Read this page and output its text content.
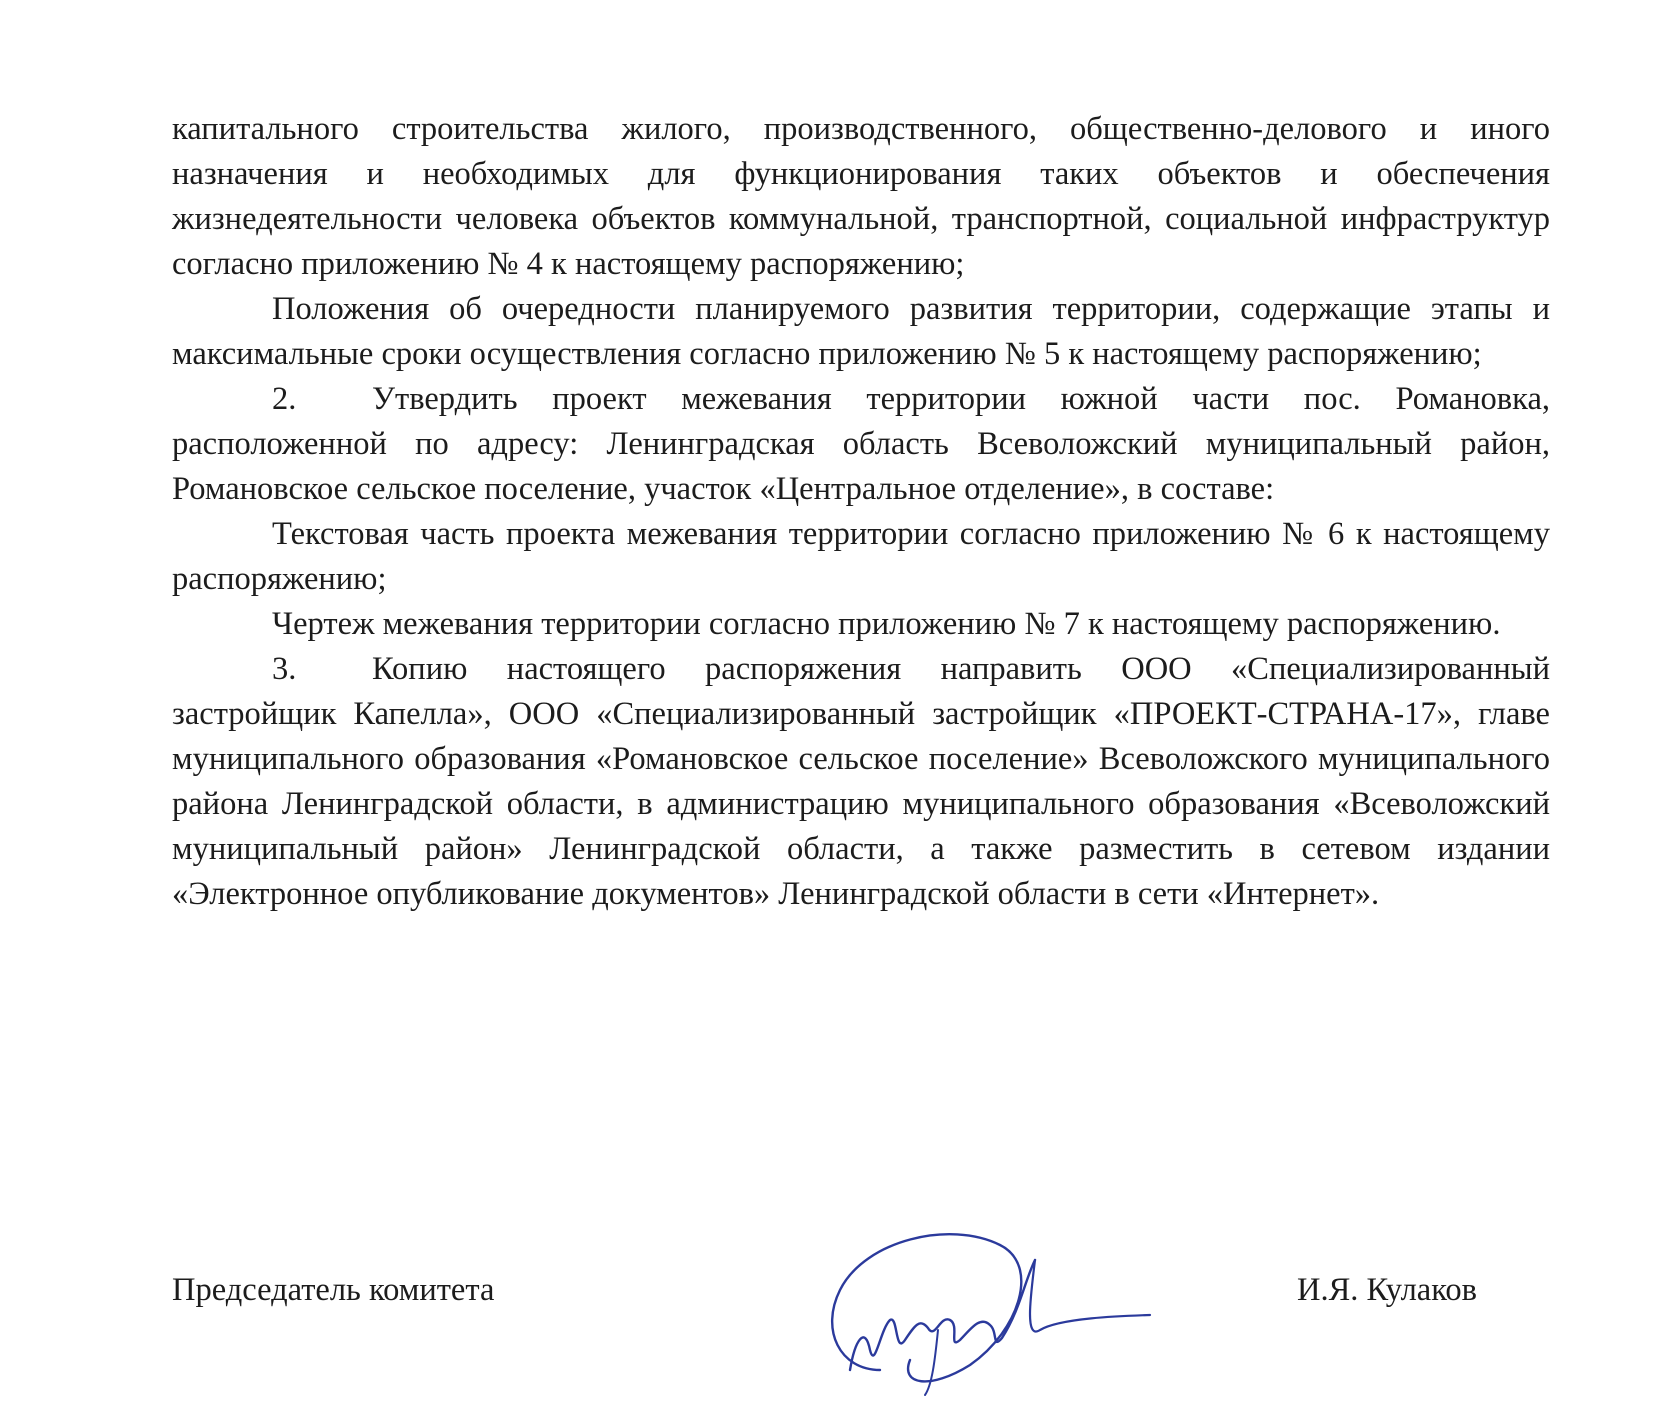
капитального строительства жилого, производственного, общественно-делового и иного назначения и необходимых для функционирования таких объектов и обеспечения жизнедеятельности человека объектов коммунальной, транспортной, социальной инфраструктур согласно приложению № 4 к настоящему распоряжению;

Положения об очередности планируемого развития территории, содержащие этапы и максимальные сроки осуществления согласно приложению № 5 к настоящему распоряжению;

2. Утвердить проект межевания территории южной части пос. Романовка, расположенной по адресу: Ленинградская область Всеволожский муниципальный район, Романовское сельское поселение, участок «Центральное отделение», в составе:

Текстовая часть проекта межевания территории согласно приложению № 6 к настоящему распоряжению;

Чертеж межевания территории согласно приложению № 7 к настоящему распоряжению.

3. Копию настоящего распоряжения направить ООО «Специализированный застройщик Капелла», ООО «Специализированный застройщик «ПРОЕКТ-СТРАНА-17», главе муниципального образования «Романовское сельское поселение» Всеволожского муниципального района Ленинградской области, в администрацию муниципального образования «Всеволожский муниципальный район» Ленинградской области, а также разместить в сетевом издании «Электронное опубликование документов» Ленинградской области в сети «Интернет».

Председатель комитета	И.Я. Кулаков
